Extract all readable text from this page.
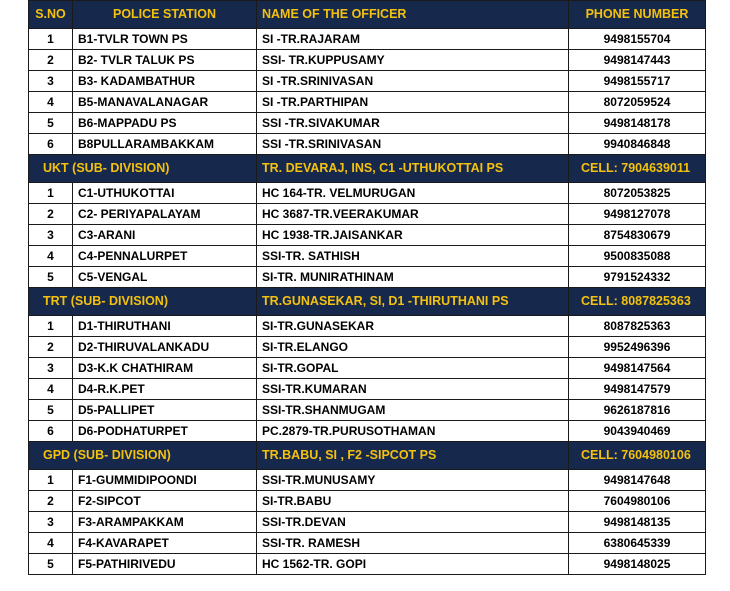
S.NO	POLICE STATION	NAME OF THE OFFICER	PHONE NUMBER
1	B1-TVLR TOWN PS	SI -TR.RAJARAM	9498155704
2	B2- TVLR TALUK PS	SSI- TR.KUPPUSAMY	9498147443
3	B3- KADAMBATHUR	SI -TR.SRINIVASAN	9498155717
4	B5-MANAVALANAGAR	SI -TR.PARTHIPAN	8072059524
5	B6-MAPPADU PS	SSI -TR.SIVAKUMAR	9498148178
6	B8PULLARAMBAKKAM	SSI -TR.SRINIVASAN	9940846848
UKT (SUB- DIVISION)		TR. DEVARAJ, INS, C1 -UTHUKOTTAI PS	CELL: 7904639011
1	C1-UTHUKOTTAI	HC 164-TR. VELMURUGAN	8072053825
2	C2- PERIYAPALAYAM	HC 3687-TR.VEERAKUMAR	9498127078
3	C3-ARANI	HC 1938-TR.JAISANKAR	8754830679
4	C4-PENNALURPET	SSI-TR. SATHISH	9500835088
5	C5-VENGAL	SI-TR. MUNIRATHINAM	9791524332
TRT (SUB- DIVISION)		TR.GUNASEKAR, SI, D1 -THIRUTHANI PS	CELL: 8087825363
1	D1-THIRUTHANI	SI-TR.GUNASEKAR	8087825363
2	D2-THIRUVALANKADU	SI-TR.ELANGO	9952496396
3	D3-K.K CHATHIRAM	SI-TR.GOPAL	9498147564
4	D4-R.K.PET	SSI-TR.KUMARAN	9498147579
5	D5-PALLIPET	SSI-TR.SHANMUGAM	9626187816
6	D6-PODHATURPET	PC.2879-TR.PURUSOTHAMAN	9043940469
GPD (SUB- DIVISION)		TR.BABU, SI , F2 -SIPCOT PS	CELL: 7604980106
1	F1-GUMMIDIPOONDI	SSI-TR.MUNUSAMY	9498147648
2	F2-SIPCOT	SI-TR.BABU	7604980106
3	F3-ARAMPAKKAM	SSI-TR.DEVAN	9498148135
4	F4-KAVARAPET	SSI-TR. RAMESH	6380645339
5	F5-PATHIRIVEDU	HC 1562-TR. GOPI	9498148025
